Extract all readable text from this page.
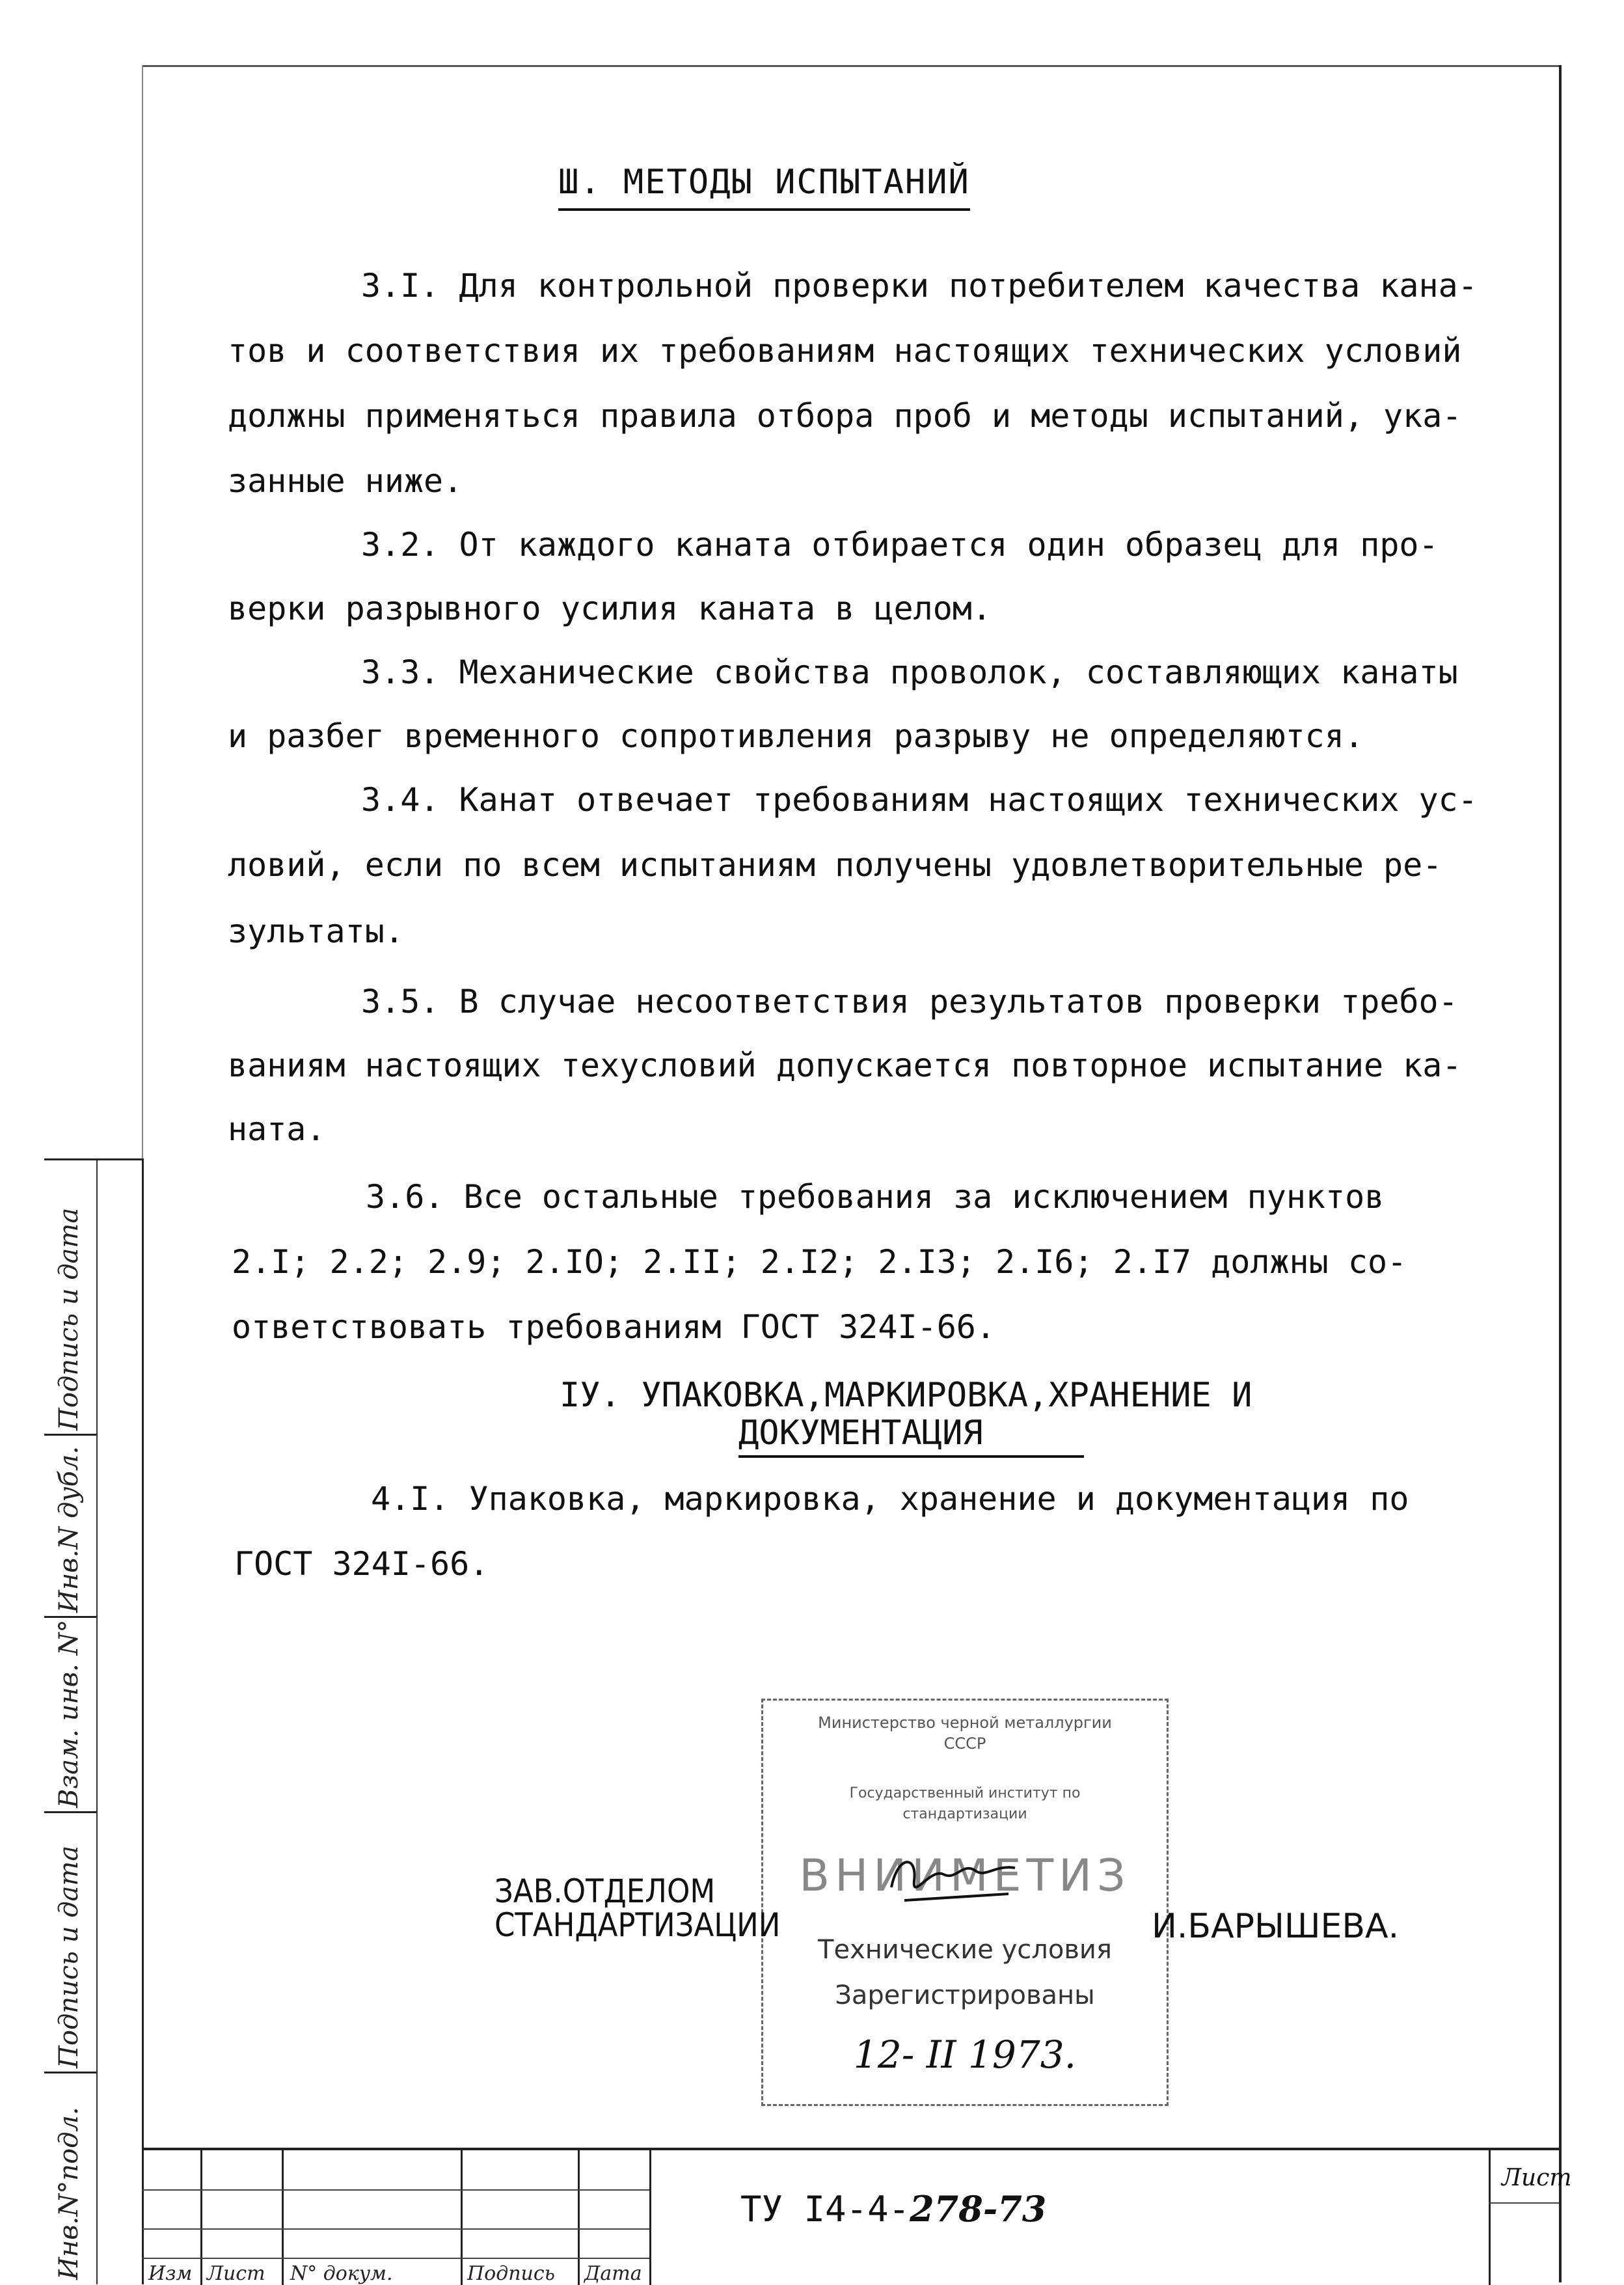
Ш. МЕТОДЫ ИСПЫТАНИЙ
3.I. Для контрольной проверки потребителем качества кана-
тов и соответствия их требованиям настоящих технических условий
должны применяться правила отбора проб и методы испытаний, ука-
занные ниже.
3.2. От каждого каната отбирается один образец для про-
верки разрывного усилия каната в целом.
3.3. Механические свойства проволок, составляющих канаты
и разбег временного сопротивления разрыву не определяются.
3.4. Канат отвечает требованиям настоящих технических ус-
ловий, если по всем испытаниям получены удовлетворительные ре-
зультаты.
3.5. В случае несоответствия результатов проверки требо-
ваниям настоящих техусловий допускается повторное испытание ка-
ната.
3.6. Все остальные требования за исключением пунктов
2.I; 2.2; 2.9; 2.IO; 2.II; 2.I2; 2.I3; 2.I6; 2.I7 должны со-
ответствовать требованиям ГОСТ 324I-66.
IУ. УПАКОВКА,МАРКИРОВКА,ХРАНЕНИЕ И
ДОКУМЕНТАЦИЯ
4.I. Упаковка, маркировка, хранение и документация по
ГОСТ 324I-66.
Министерство черной металлургии
СССР
Государственный институт по
стандартизации
ВНИИМЕТИЗ
Технические условия
Зарегистрированы
12- II 1973.
ЗАВ.ОТДЕЛОМ
СТАНДАРТИЗАЦИИ	И.БАРЫШЕВА.
Инв.N°подл.
Подпись и дата
Взам. инв. N°
Инв.N дубл.
Подпись и дата
Изм Лист N° докум.	Подпись Дата
ТУ I4-4-278-73
Лист
